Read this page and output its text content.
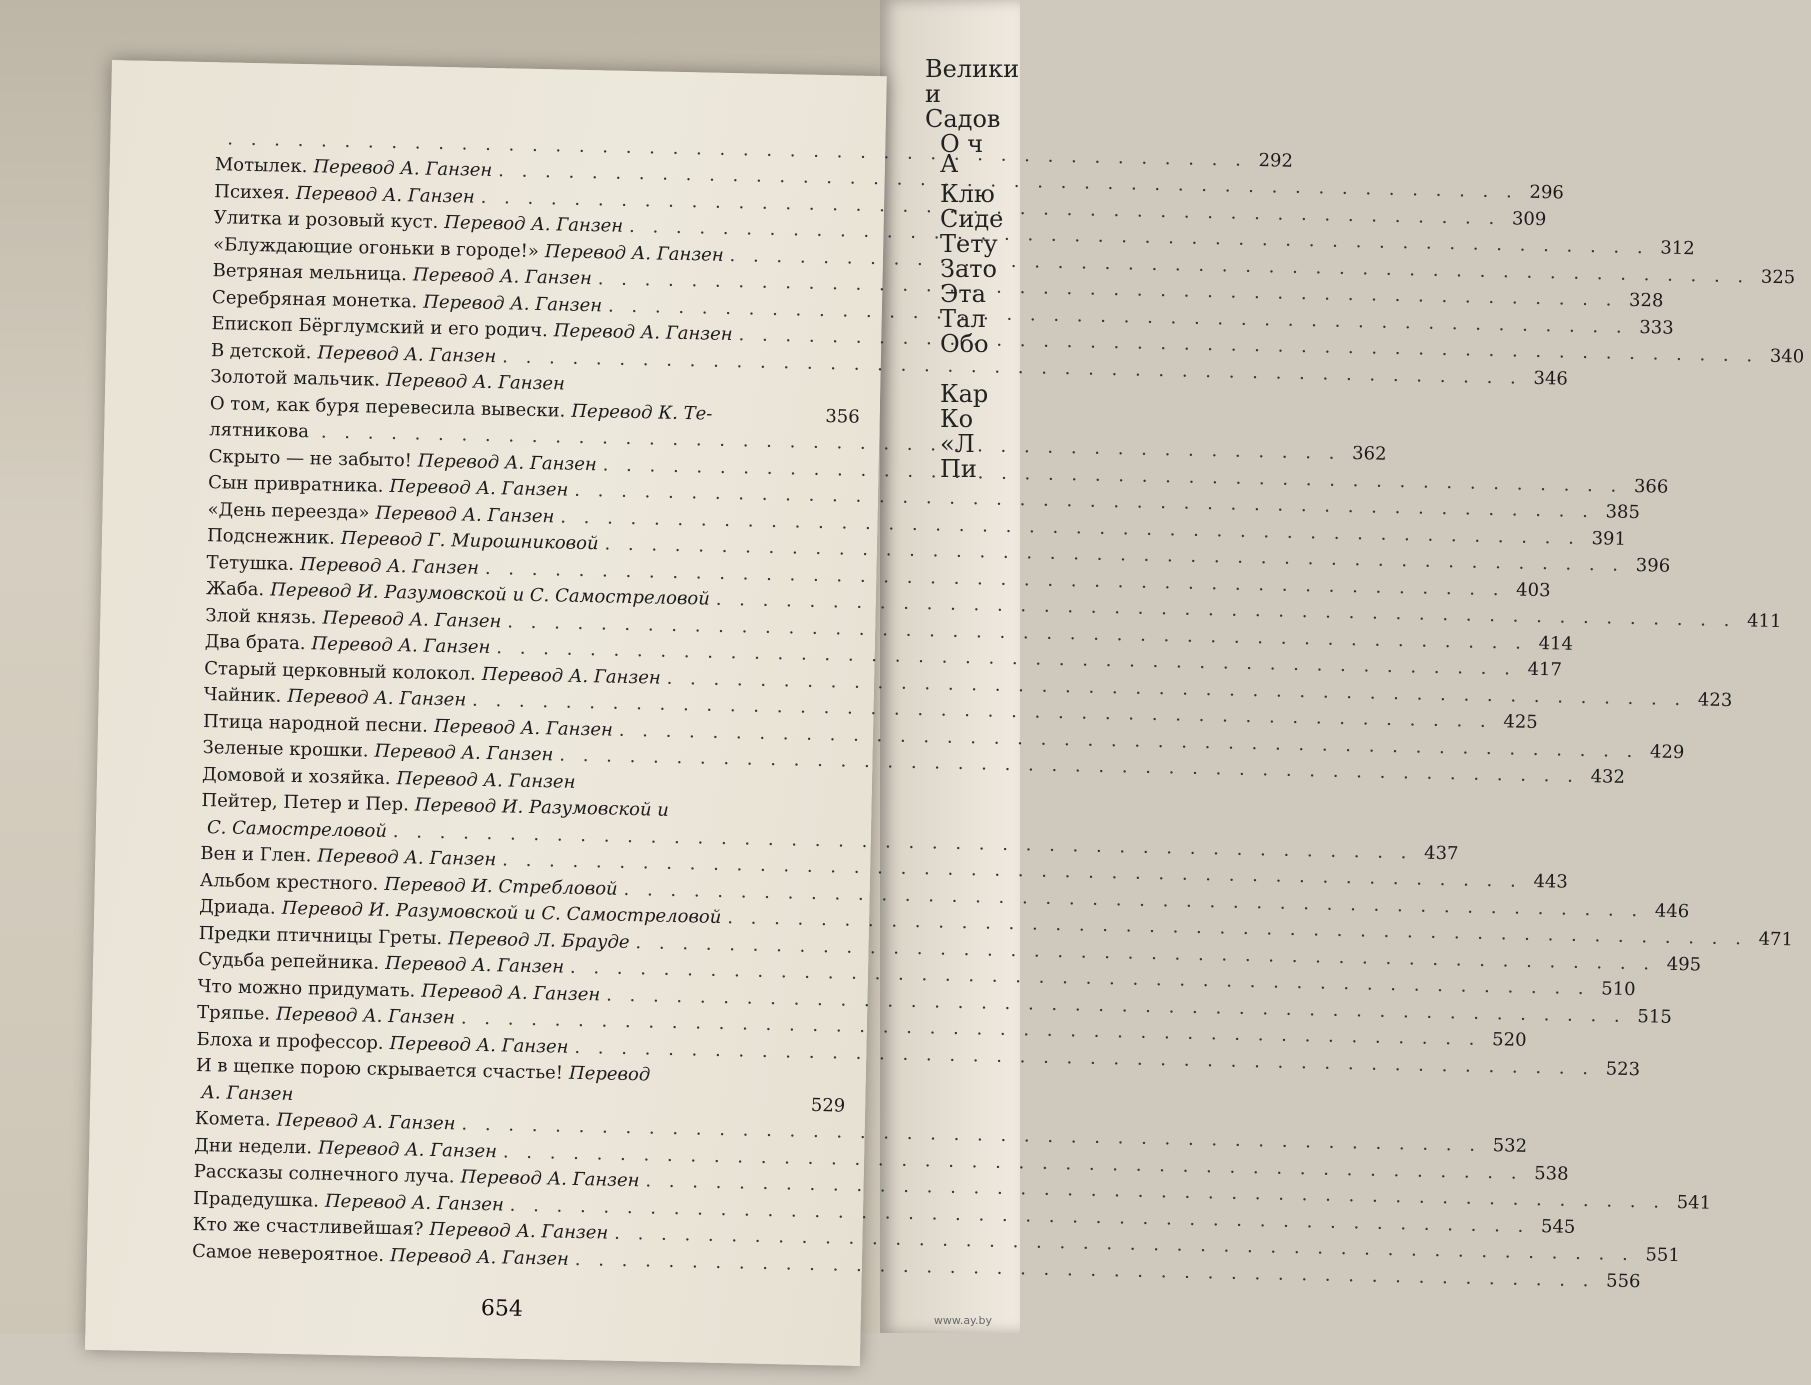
Велики
и
Садов
О ч
А
Клю
Сиде
Тету
Зато
Эта
Тал
Обо
Кар
Ко
«Л
Пи
. . .
292
Мотылек. Перевод А. Ганзен
. . .
296
Психея. Перевод А. Ганзен
. . .
309
Улитка и розовый куст. Перевод А. Ганзен
. . .
312
«Блуждающие огоньки в городе!» Перевод А. Ганзен
. . .
325
Ветряная мельница. Перевод А. Ганзен
. . .
328
Серебряная монетка. Перевод А. Ганзен
. . .
333
Епископ Бёрглумский и его родич. Перевод А. Ганзен
. . .
340
В детской. Перевод А. Ганзен
. . .
346
Золотой мальчик. Перевод А. Ганзен
О том, как буря перевесила вывески. Перевод К. Те-	356
лятникова
. . .
362
Скрыто — не забыто! Перевод А. Ганзен
. . .
366
Сын привратника. Перевод А. Ганзен
. . .
385
«День переезда» Перевод А. Ганзен
. . .
391
Подснежник. Перевод Г. Мирошниковой
. . .
396
Тетушка. Перевод А. Ганзен
. . .
403
Жаба. Перевод И. Разумовской и С. Самостреловой
. . .
411
Злой князь. Перевод А. Ганзен
. . .
414
Два брата. Перевод А. Ганзен
. . .
417
Старый церковный колокол. Перевод А. Ганзен
. . .
423
Чайник. Перевод А. Ганзен
. . .
425
Птица народной песни. Перевод А. Ганзен
. . .
429
Зеленые крошки. Перевод А. Ганзен
. . .
432
Домовой и хозяйка. Перевод А. Ганзен
Пейтер, Петер и Пер. Перевод И. Разумовской и
С. Самостреловой
. . .
437
Вен и Глен. Перевод А. Ганзен
. . .
443
Альбом крестного. Перевод И. Стребловой
. . .
446
Дриада. Перевод И. Разумовской и С. Самостреловой
. . .
471
Предки птичницы Греты. Перевод Л. Брауде
. . .
495
Судьба репейника. Перевод А. Ганзен
. . .
510
Что можно придумать. Перевод А. Ганзен
. . .
515
Тряпье. Перевод А. Ганзен
. . .
520
Блоха и профессор. Перевод А. Ганзен
. . .
523
И в щепке порою скрывается счастье! Перевод
А. Ганзен
529
Комета. Перевод А. Ганзен
. . .
532
Дни недели. Перевод А. Ганзен
. . .
538
Рассказы солнечного луча. Перевод А. Ганзен
. . .
541
Прадедушка. Перевод А. Ганзен
. . .
545
Кто же счастливейшая? Перевод А. Ганзен
. . .
551
Самое невероятное. Перевод А. Ганзен
. . .
556
654	www.ay.by
